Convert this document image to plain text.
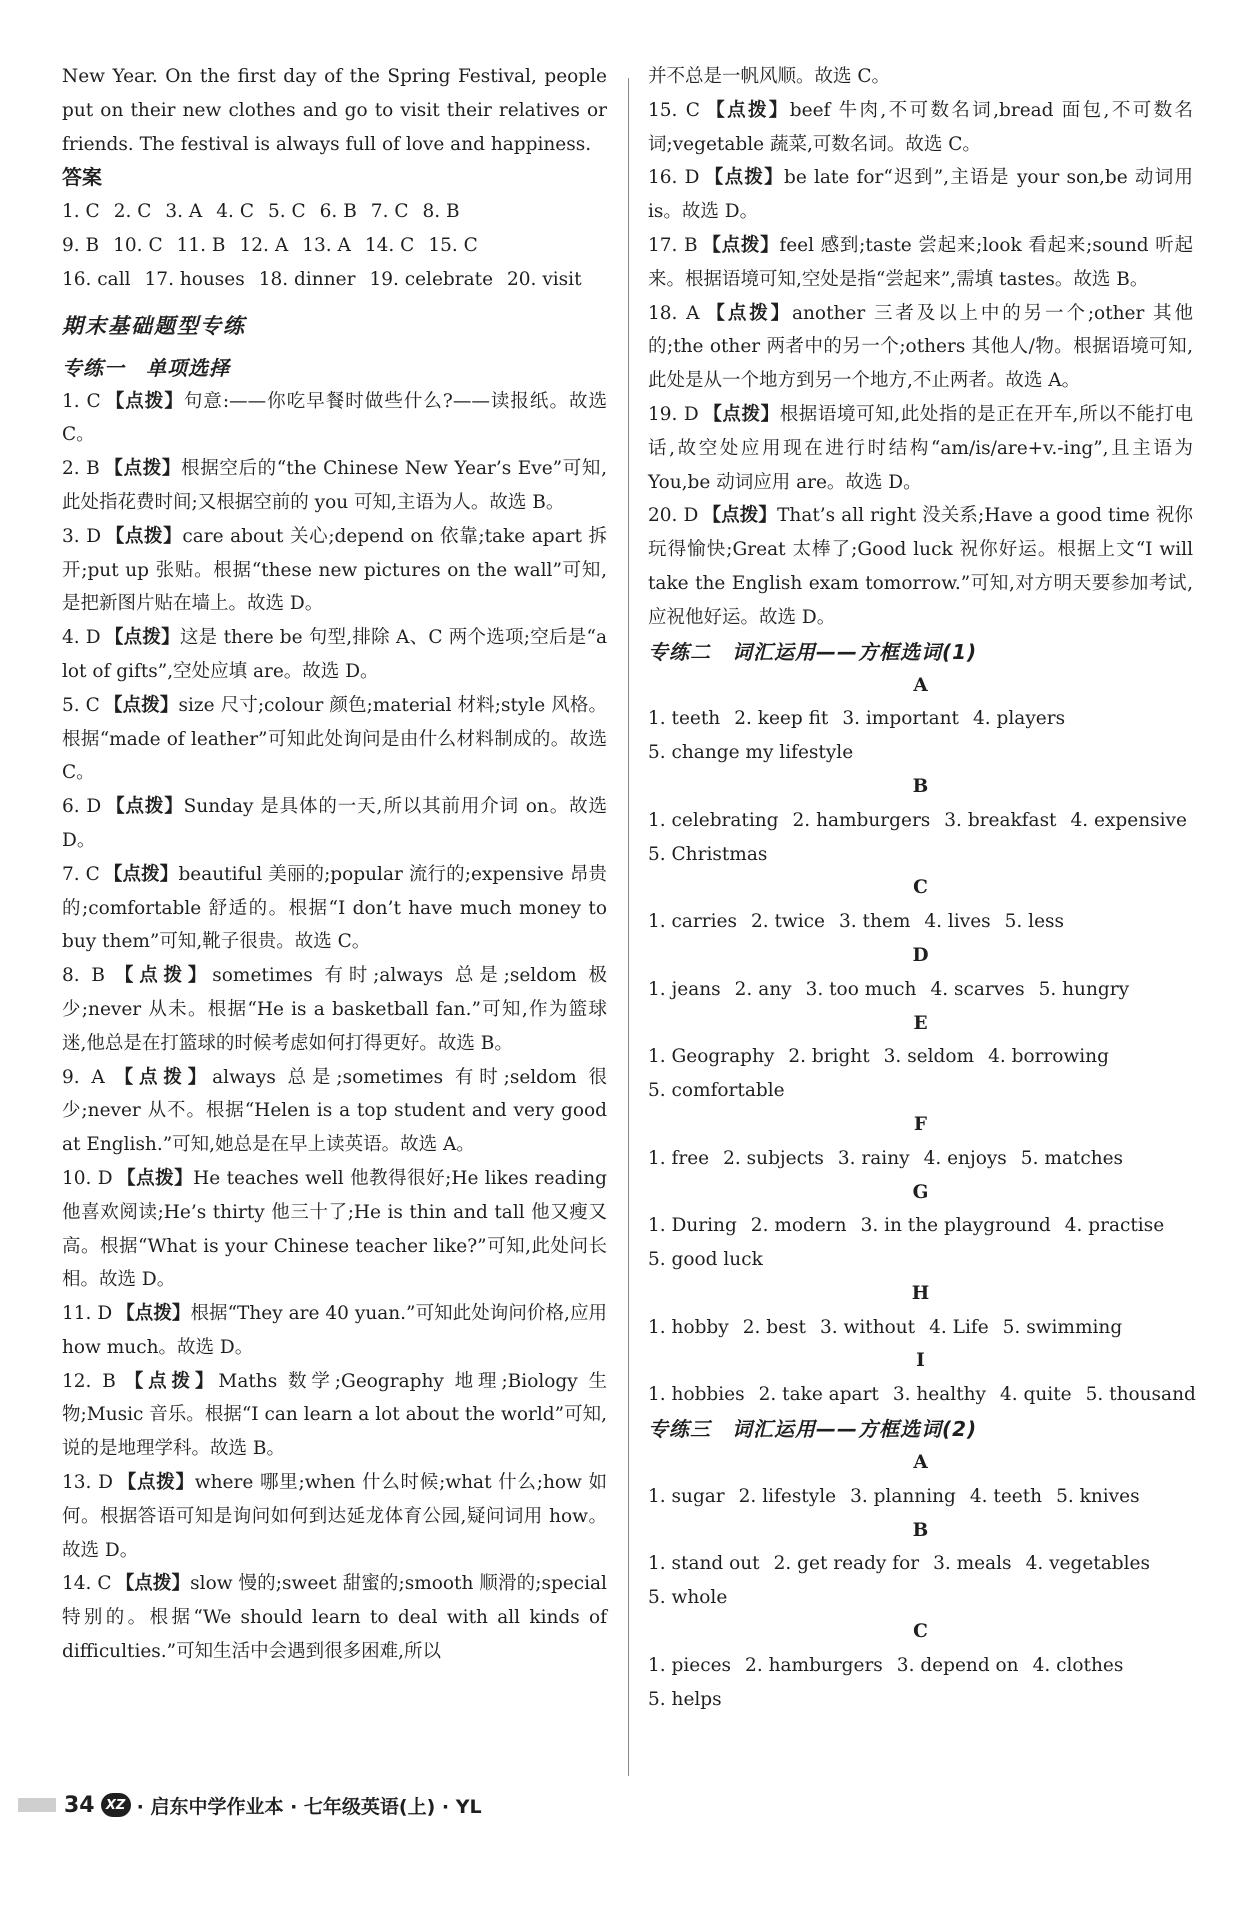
New Year. On the first day of the Spring Festival, people put on their new clothes and go to visit their relatives or friends. The festival is always full of love and happiness.

答案

1. C 2. C 3. A 4. C 5. C 6. B 7. C 8. B

9. B 10. C 11. B 12. A 13. A 14. C 15. C

16. call 17. houses 18. dinner 19. celebrate 20. visit

期末基础题型专练

专练一　单项选择

1. C 【点拨】句意:——你吃早餐时做些什么?——读报纸。故选 C。

2. B 【点拨】根据空后的“the Chinese New Year’s Eve”可知,此处指花费时间;又根据空前的 you 可知,主语为人。故选 B。

3. D 【点拨】care about 关心;depend on 依靠;take apart 拆开;put up 张贴。根据“these new pictures on the wall”可知,是把新图片贴在墙上。故选 D。

4. D 【点拨】这是 there be 句型,排除 A、C 两个选项;空后是“a lot of gifts”,空处应填 are。故选 D。

5. C 【点拨】size 尺寸;colour 颜色;material 材料;style 风格。根据“made of leather”可知此处询问是由什么材料制成的。故选 C。

6. D 【点拨】Sunday 是具体的一天,所以其前用介词 on。故选 D。

7. C 【点拨】beautiful 美丽的;popular 流行的;expensive 昂贵的;comfortable 舒适的。根据“I don’t have much money to buy them”可知,靴子很贵。故选 C。

8. B 【点拨】sometimes 有时;always 总是;seldom 极少;never 从未。根据“He is a basketball fan.”可知,作为篮球迷,他总是在打篮球的时候考虑如何打得更好。故选 B。

9. A 【点拨】always 总是;sometimes 有时;seldom 很少;never 从不。根据“Helen is a top student and very good at English.”可知,她总是在早上读英语。故选 A。

10. D 【点拨】He teaches well 他教得很好;He likes reading 他喜欢阅读;He’s thirty 他三十了;He is thin and tall 他又瘦又高。根据“What is your Chinese teacher like?”可知,此处问长相。故选 D。

11. D 【点拨】根据“They are 40 yuan.”可知此处询问价格,应用 how much。故选 D。

12. B 【点拨】Maths 数学;Geography 地理;Biology 生物;Music 音乐。根据“I can learn a lot about the world”可知,说的是地理学科。故选 B。

13. D 【点拨】where 哪里;when 什么时候;what 什么;how 如何。根据答语可知是询问如何到达延龙体育公园,疑问词用 how。故选 D。

14. C 【点拨】slow 慢的;sweet 甜蜜的;smooth 顺滑的;special 特别的。根据“We should learn to deal with all kinds of difficulties.”可知生活中会遇到很多困难,所以

并不总是一帆风顺。故选 C。

15. C 【点拨】beef 牛肉,不可数名词,bread 面包,不可数名词;vegetable 蔬菜,可数名词。故选 C。

16. D 【点拨】be late for“迟到”,主语是 your son,be 动词用 is。故选 D。

17. B 【点拨】feel 感到;taste 尝起来;look 看起来;sound 听起来。根据语境可知,空处是指“尝起来”,需填 tastes。故选 B。

18. A 【点拨】another 三者及以上中的另一个;other 其他的;the other 两者中的另一个;others 其他人/物。根据语境可知,此处是从一个地方到另一个地方,不止两者。故选 A。

19. D 【点拨】根据语境可知,此处指的是正在开车,所以不能打电话,故空处应用现在进行时结构“am/is/are+v.-ing”,且主语为 You,be 动词应用 are。故选 D。

20. D 【点拨】That’s all right 没关系;Have a good time 祝你玩得愉快;Great 太棒了;Good luck 祝你好运。根据上文“I will take the English exam tomorrow.”可知,对方明天要参加考试,应祝他好运。故选 D。

专练二　词汇运用——方框选词(1)

A

1. teeth 2. keep fit 3. important 4. players

5. change my lifestyle

B

1. celebrating 2. hamburgers 3. breakfast 4. expensive

5. Christmas

C

1. carries 2. twice 3. them 4. lives 5. less

D

1. jeans 2. any 3. too much 4. scarves 5. hungry

E

1. Geography 2. bright 3. seldom 4. borrowing

5. comfortable

F

1. free 2. subjects 3. rainy 4. enjoys 5. matches

G

1. During 2. modern 3. in the playground 4. practise

5. good luck

H

1. hobby 2. best 3. without 4. Life 5. swimming

I

1. hobbies 2. take apart 3. healthy 4. quite 5. thousand

专练三　词汇运用——方框选词(2)

A

1. sugar 2. lifestyle 3. planning 4. teeth 5. knives

B

1. stand out 2. get ready for 3. meals 4. vegetables

5. whole

C

1. pieces 2. hamburgers 3. depend on 4. clothes

5. helps

34 XZ · 启东中学作业本 · 七年级英语(上) · YL
